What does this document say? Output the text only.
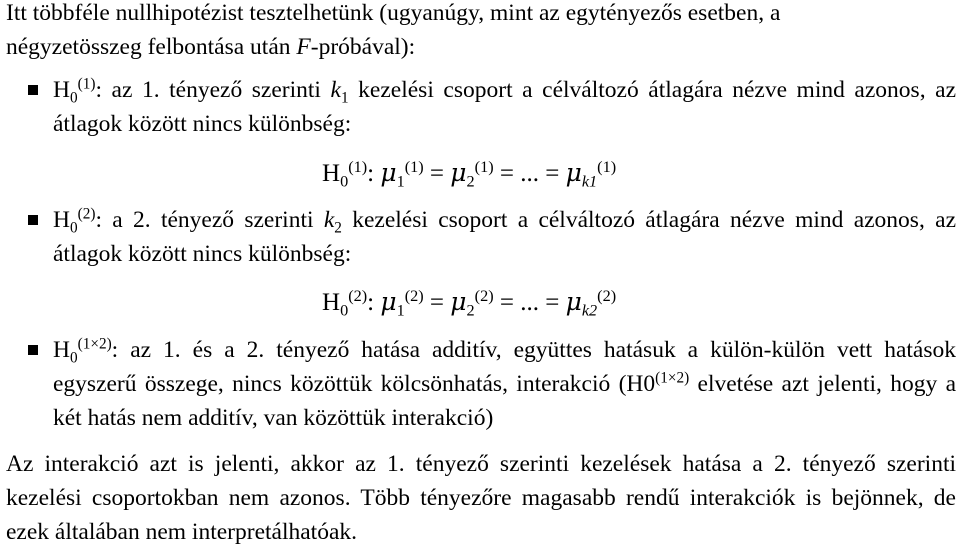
Itt többféle nullhipotézist tesztelhetünk (ugyanúgy, mint az egytényezős esetben, a
négyzetösszeg felbontása után F-próbával):

$H_0^{(1)}$: az 1. tényező szerinti $k_1$ kezelési csoport a célváltozó átlagára nézve mind azonos, az átlagok között nincs különbség:
$H_0^{(1)}$: $\mu_1^{(1)} = \mu_2^{(1)}$ = ... = $\mu_{k1}^{(1)}$
$H_0^{(2)}$: a 2. tényező szerinti $k_2$ kezelési csoport a célváltozó átlagára nézve mind azonos, az átlagok között nincs különbség:
$H_0^{(2)}$: $\mu_1^{(2)} = \mu_2^{(2)}$ = ... = $\mu_{k2}^{(2)}$
$H_0^{(1\times 2)}$: az 1. és a 2. tényező hatása additív, együttes hatásuk a külön-külön vett hatások egyszerű összege, nincs közöttük kölcsönhatás, interakció ($H0^{(1\times 2)}$ elvetése azt jelenti, hogy a két hatás nem additív, van közöttük interakció)

Az interakció azt is jelenti, akkor az 1. tényező szerinti kezelések hatása a 2. tényező szerinti kezelési csoportokban nem azonos. Több tényezőre magasabb rendű interakciók is bejönnek, de ezek általában nem interpretálhatóak.
